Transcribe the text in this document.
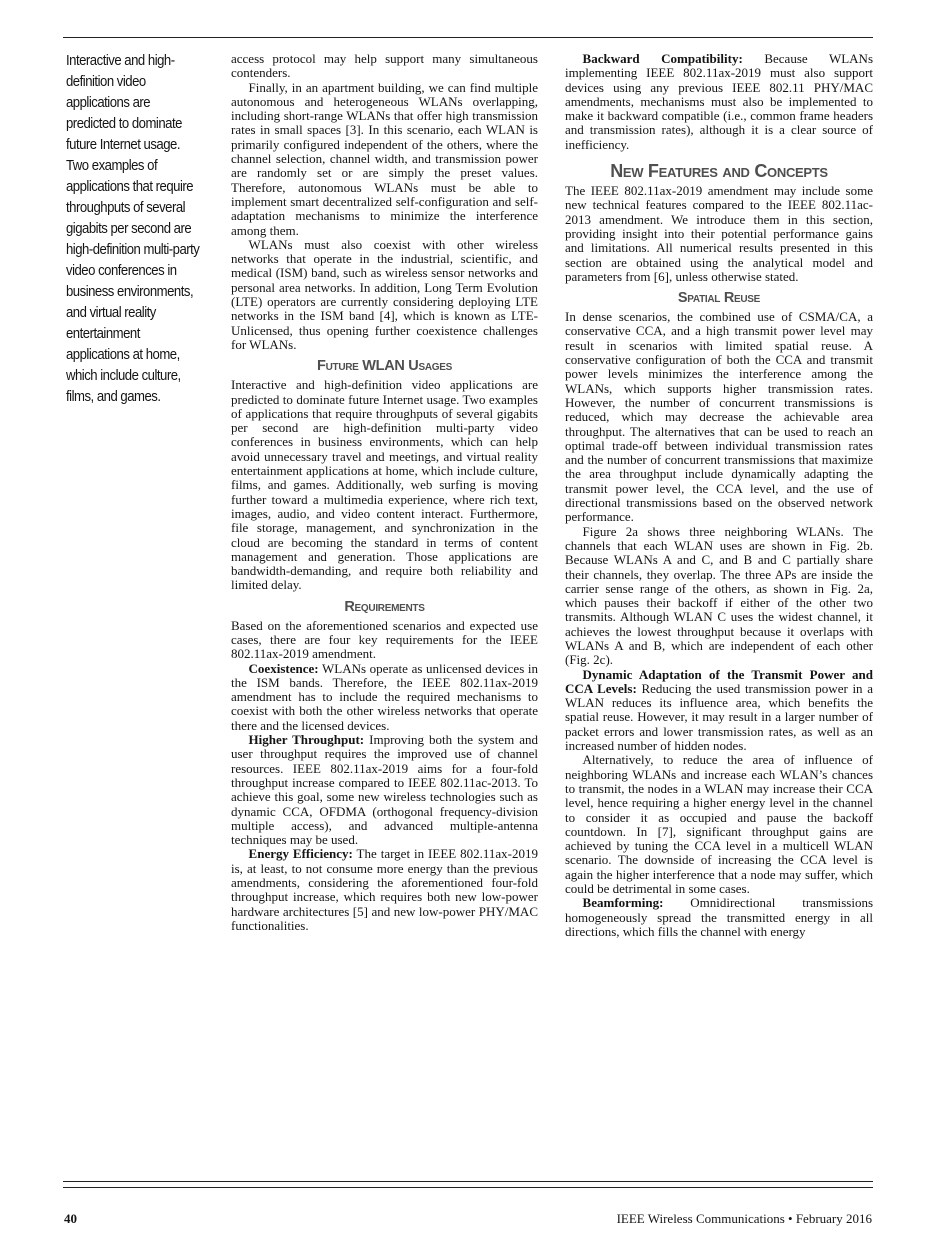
Interactive and high-definition video applications are predicted to dominate future Internet usage. Two examples of applications that require throughputs of several gigabits per second are high-definition multi-party video conferences in business environments, and virtual reality entertainment applications at home, which include culture, films, and games.

access protocol may help support many simultaneous contenders.

Finally, in an apartment building, we can find multiple autonomous and heterogeneous WLANs overlapping, including short-range WLANs that offer high transmission rates in small spaces [3]. In this scenario, each WLAN is primarily configured independent of the others, where the channel selection, channel width, and transmission power are randomly set or are simply the preset values. Therefore, autonomous WLANs must be able to implement smart decentralized self-configuration and self-adaptation mechanisms to minimize the interference among them.

WLANs must also coexist with other wireless networks that operate in the industrial, scientific, and medical (ISM) band, such as wireless sensor networks and personal area networks. In addition, Long Term Evolution (LTE) operators are currently considering deploying LTE networks in the ISM band [4], which is known as LTE-Unlicensed, thus opening further coexistence challenges for WLANs.

Future WLAN Usages

Interactive and high-definition video applications are predicted to dominate future Internet usage. Two examples of applications that require throughputs of several gigabits per second are high-definition multi-party video conferences in business environments, which can help avoid unnecessary travel and meetings, and virtual reality entertainment applications at home, which include culture, films, and games. Additionally, web surfing is moving further toward a multimedia experience, where rich text, images, audio, and video content interact. Furthermore, file storage, management, and synchronization in the cloud are becoming the standard in terms of content management and generation. Those applications are bandwidth-demanding, and require both reliability and limited delay.

Requirements

Based on the aforementioned scenarios and expected use cases, there are four key requirements for the IEEE 802.11ax-2019 amendment.

Coexistence: WLANs operate as unlicensed devices in the ISM bands. Therefore, the IEEE 802.11ax-2019 amendment has to include the required mechanisms to coexist with both the other wireless networks that operate there and the licensed devices.

Higher Throughput: Improving both the system and user throughput requires the improved use of channel resources. IEEE 802.11ax-2019 aims for a four-fold throughput increase compared to IEEE 802.11ac-2013. To achieve this goal, some new wireless technologies such as dynamic CCA, OFDMA (orthogonal frequency-division multiple access), and advanced multiple-antenna techniques may be used.

Energy Efficiency: The target in IEEE 802.11ax-2019 is, at least, to not consume more energy than the previous amendments, considering the aforementioned four-fold throughput increase, which requires both new low-power hardware architectures [5] and new low-power PHY/MAC functionalities.

Backward Compatibility: Because WLANs implementing IEEE 802.11ax-2019 must also support devices using any previous IEEE 802.11 PHY/MAC amendments, mechanisms must also be implemented to make it backward compatible (i.e., common frame headers and transmission rates), although it is a clear source of inefficiency.

New Features and Concepts

The IEEE 802.11ax-2019 amendment may include some new technical features compared to the IEEE 802.11ac-2013 amendment. We introduce them in this section, providing insight into their potential performance gains and limitations. All numerical results presented in this section are obtained using the analytical model and parameters from [6], unless otherwise stated.

Spatial Reuse

In dense scenarios, the combined use of CSMA/CA, a conservative CCA, and a high transmit power level may result in scenarios with limited spatial reuse. A conservative configuration of both the CCA and transmit power levels minimizes the interference among the WLANs, which supports higher transmission rates. However, the number of concurrent transmissions is reduced, which may decrease the achievable area throughput. The alternatives that can be used to reach an optimal trade-off between individual transmission rates and the number of concurrent transmissions that maximize the area throughput include dynamically adapting the transmit power level, the CCA level, and the use of directional transmissions based on the observed network performance.

Figure 2a shows three neighboring WLANs. The channels that each WLAN uses are shown in Fig. 2b. Because WLANs A and C, and B and C partially share their channels, they overlap. The three APs are inside the carrier sense range of the others, as shown in Fig. 2a, which pauses their backoff if either of the other two transmits. Although WLAN C uses the widest channel, it achieves the lowest throughput because it overlaps with WLANs A and B, which are independent of each other (Fig. 2c).

Dynamic Adaptation of the Transmit Power and CCA Levels: Reducing the used transmission power in a WLAN reduces its influence area, which benefits the spatial reuse. However, it may result in a larger number of packet errors and lower transmission rates, as well as an increased number of hidden nodes.

Alternatively, to reduce the area of influence of neighboring WLANs and increase each WLAN’s chances to transmit, the nodes in a WLAN may increase their CCA level, hence requiring a higher energy level in the channel to consider it as occupied and pause the backoff countdown. In [7], significant throughput gains are achieved by tuning the CCA level in a multicell WLAN scenario. The downside of increasing the CCA level is again the higher interference that a node may suffer, which could be detrimental in some cases.

Beamforming: Omnidirectional transmissions homogeneously spread the transmitted energy in all directions, which fills the channel with energy

40	IEEE Wireless Communications • February 2016
